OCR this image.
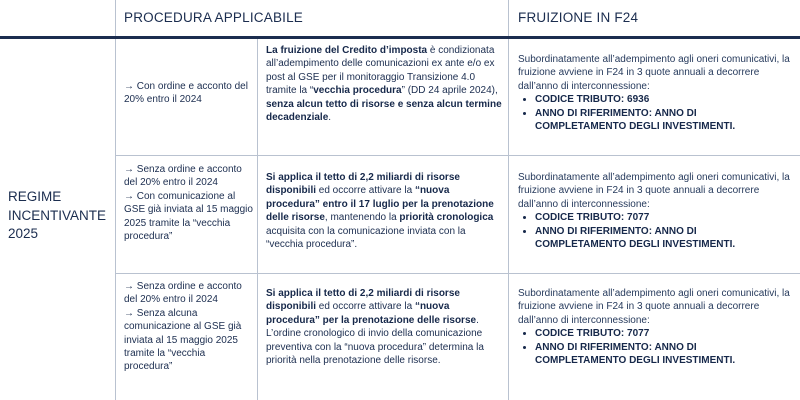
PROCEDURA APPLICABILE	FRUIZIONE IN F24
REGIME
INCENTIVANTE
2025

→ Con ordine e acconto del 20% entro il 2024

La fruizione del Credito d’imposta è condizionata all’adempimento delle comunicazioni ex ante e/o ex post al GSE per il monitoraggio Transizione 4.0 tramite la “vecchia procedura” (DD 24 aprile 2024),
senza alcun tetto di risorse e senza alcun termine decadenziale.

Subordinatamente all’adempimento agli oneri comunicativi, la fruizione avviene in F24 in 3 quote annuali a decorrere dall’anno di interconnessione:

• CODICE TRIBUTO: 6936
• ANNO DI RIFERIMENTO: ANNO DI COMPLETAMENTO DEGLI INVESTIMENTI.

→ Senza ordine e acconto del 20% entro il 2024

→ Con comunicazione al GSE già inviata al 15 maggio 2025 tramite la “vecchia procedura”

Si applica il tetto di 2,2 miliardi di risorse disponibili ed occorre attivare la “nuova procedura” entro il 17 luglio per la prenotazione delle risorse, mantenendo la priorità cronologica acquisita con la comunicazione inviata con la “vecchia procedura”.

Subordinatamente all’adempimento agli oneri comunicativi, la fruizione avviene in F24 in 3 quote annuali a decorrere dall’anno di interconnessione:

• CODICE TRIBUTO: 7077
• ANNO DI RIFERIMENTO: ANNO DI COMPLETAMENTO DEGLI INVESTIMENTI.

→ Senza ordine e acconto del 20% entro il 2024

→ Senza alcuna comunicazione al GSE già inviata al 15 maggio 2025 tramite la “vecchia procedura”

Si applica il tetto di 2,2 miliardi di risorse disponibili ed occorre attivare la “nuova procedura” per la prenotazione delle risorse. L’ordine cronologico di invio della comunicazione preventiva con la “nuova procedura” determina la priorità nella prenotazione delle risorse.

Subordinatamente all’adempimento agli oneri comunicativi, la fruizione avviene in F24 in 3 quote annuali a decorrere dall’anno di interconnessione:

• CODICE TRIBUTO: 7077
• ANNO DI RIFERIMENTO: ANNO DI COMPLETAMENTO DEGLI INVESTIMENTI.
